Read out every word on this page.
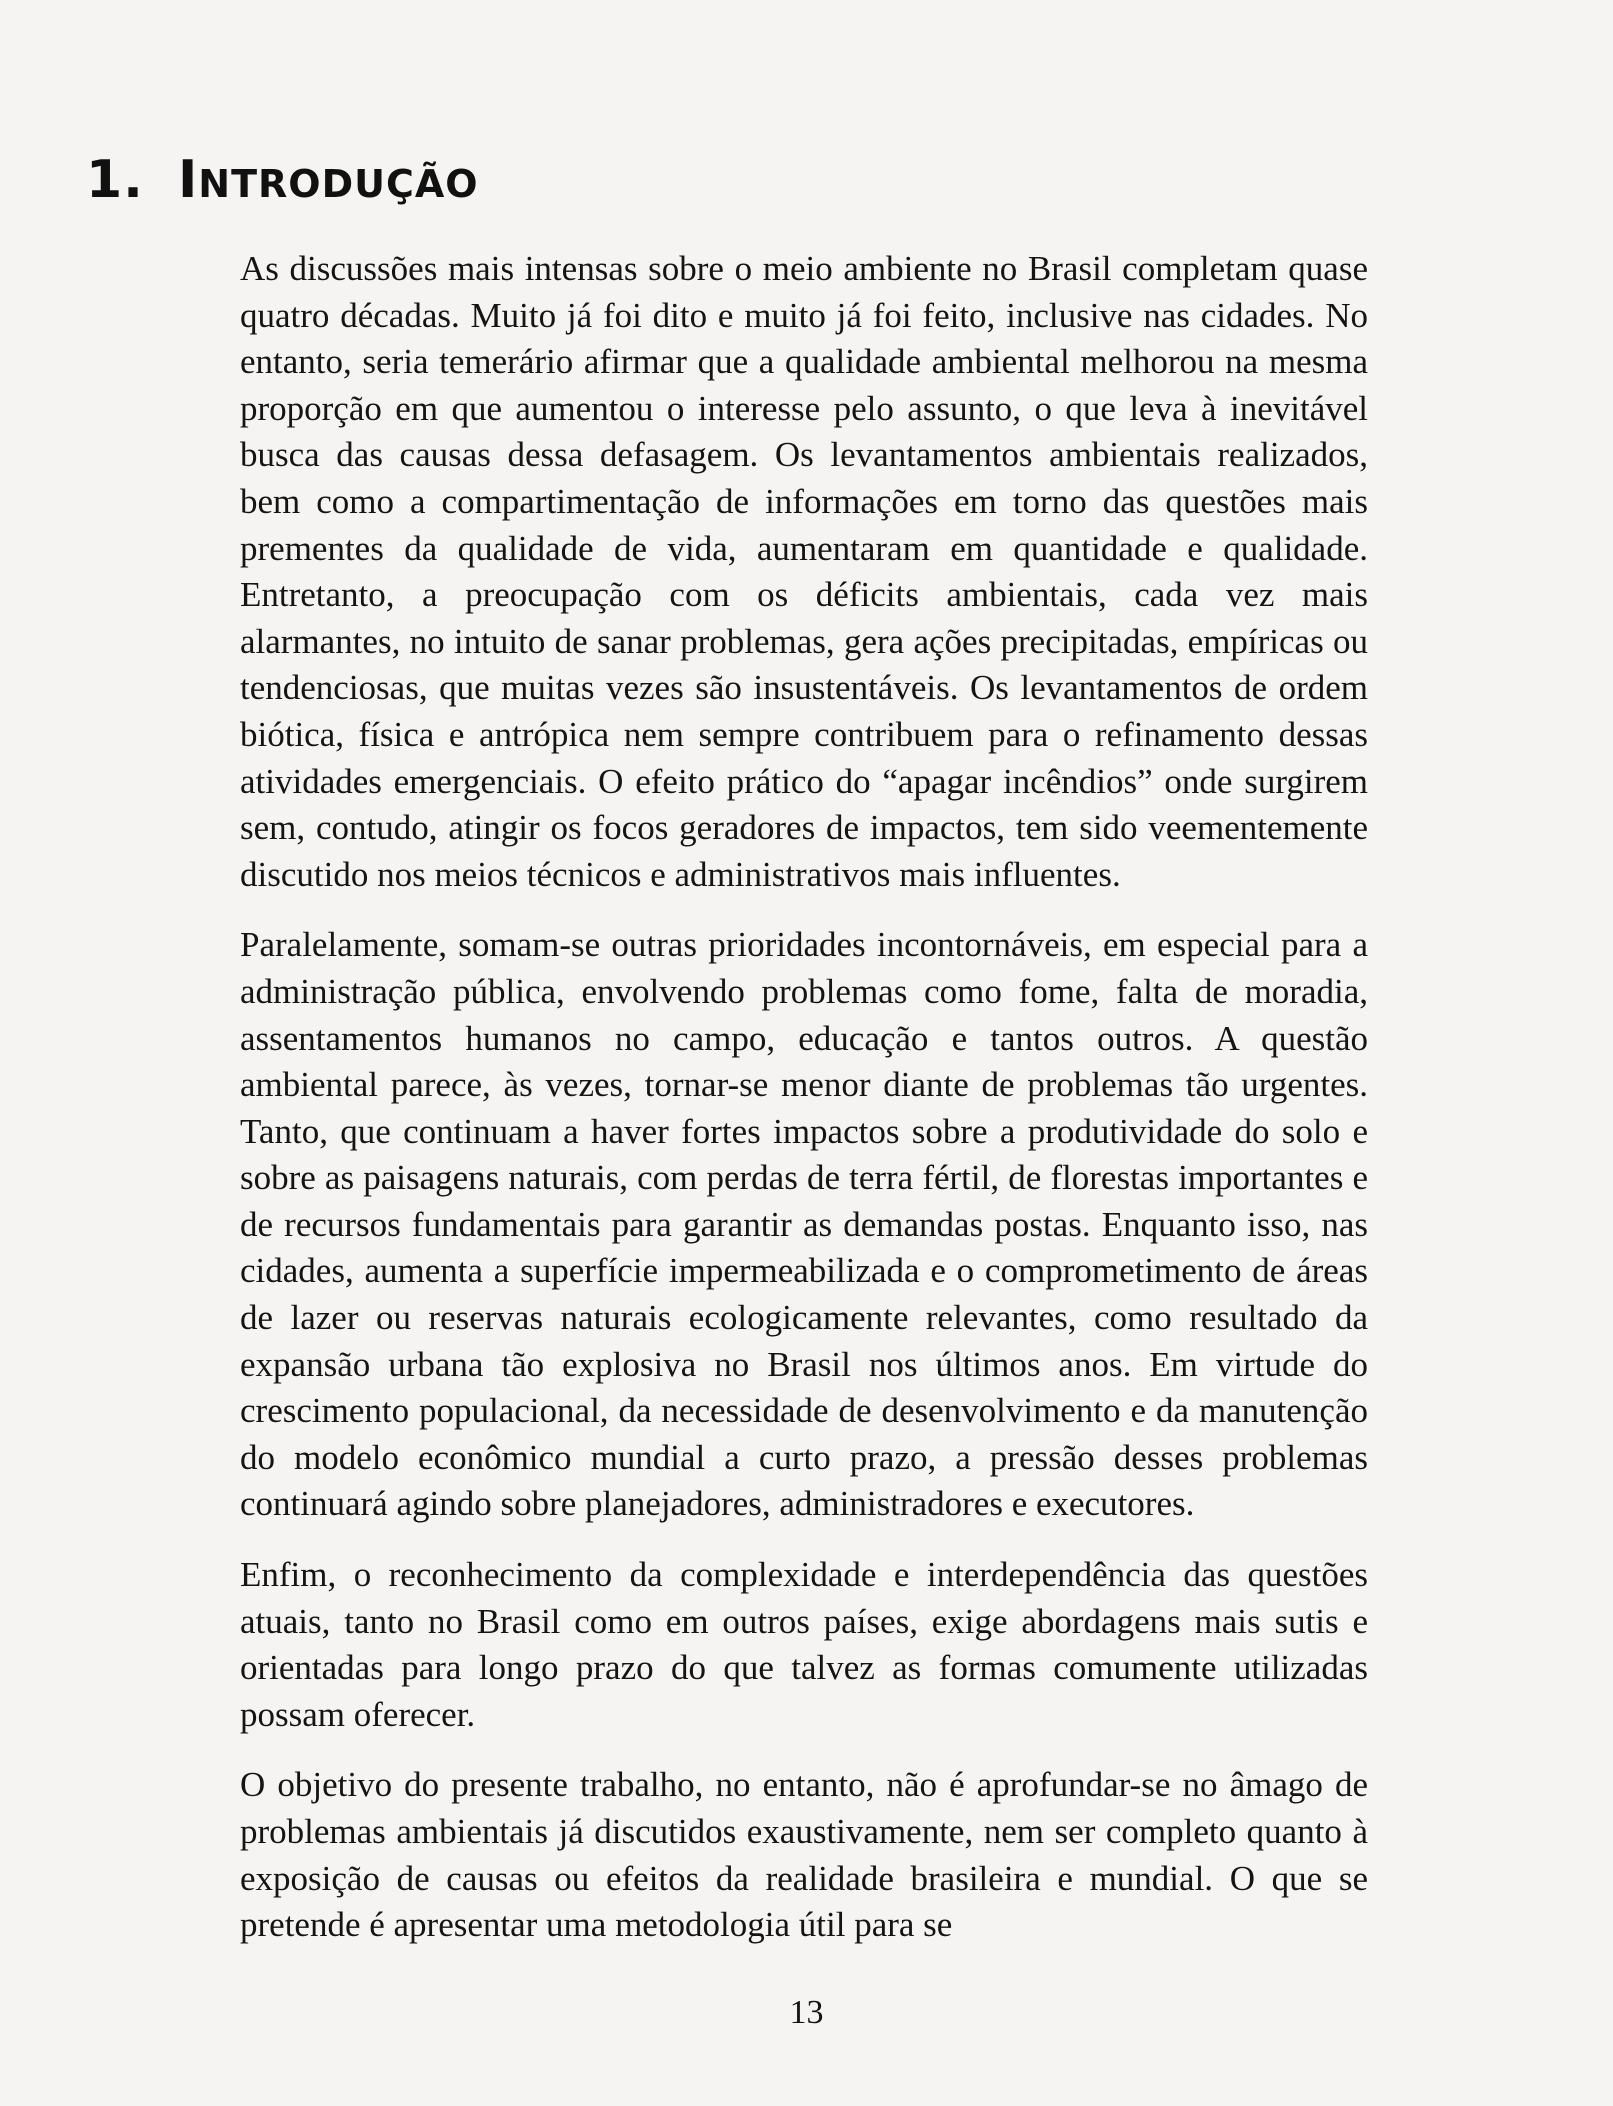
1. INTRODUÇÃO

As discussões mais intensas sobre o meio ambiente no Brasil completam quase quatro décadas. Muito já foi dito e muito já foi feito, inclusive nas cidades. No entanto, seria temerário afirmar que a qualidade ambiental melhorou na mesma proporção em que aumentou o interesse pelo assunto, o que leva à inevitável busca das causas dessa defasagem. Os levantamentos ambientais realizados, bem como a compartimentação de informações em torno das questões mais prementes da qualidade de vida, aumentaram em quantidade e qualidade. Entretanto, a preocupação com os déficits ambientais, cada vez mais alarmantes, no intuito de sanar problemas, gera ações precipitadas, empíricas ou tendenciosas, que muitas vezes são insustentáveis. Os levantamentos de ordem biótica, física e antrópica nem sempre contribuem para o refinamento dessas atividades emergenciais. O efeito prático do “apagar incêndios” onde surgirem sem, contudo, atingir os focos geradores de impactos, tem sido veementemente discutido nos meios técnicos e administrativos mais influentes.

Paralelamente, somam-se outras prioridades incontornáveis, em especial para a administração pública, envolvendo problemas como fome, falta de moradia, assentamentos humanos no campo, educação e tantos outros. A questão ambiental parece, às vezes, tornar-se menor diante de problemas tão urgentes. Tanto, que continuam a haver fortes impactos sobre a produtividade do solo e sobre as paisagens naturais, com perdas de terra fértil, de florestas importantes e de recursos fundamentais para garantir as demandas postas. Enquanto isso, nas cidades, aumenta a superfície impermeabilizada e o comprometimento de áreas de lazer ou reservas naturais ecologicamente relevantes, como resultado da expansão urbana tão explosiva no Brasil nos últimos anos. Em virtude do crescimento populacional, da necessidade de desenvolvimento e da manutenção do modelo econômico mundial a curto prazo, a pressão desses problemas continuará agindo sobre planejadores, administradores e executores.

Enfim, o reconhecimento da complexidade e interdependência das questões atuais, tanto no Brasil como em outros países, exige abordagens mais sutis e orientadas para longo prazo do que talvez as formas comumente utilizadas possam oferecer.

O objetivo do presente trabalho, no entanto, não é aprofundar-se no âmago de problemas ambientais já discutidos exaustivamente, nem ser completo quanto à exposição de causas ou efeitos da realidade brasileira e mundial. O que se pretende é apresentar uma metodologia útil para se

13
